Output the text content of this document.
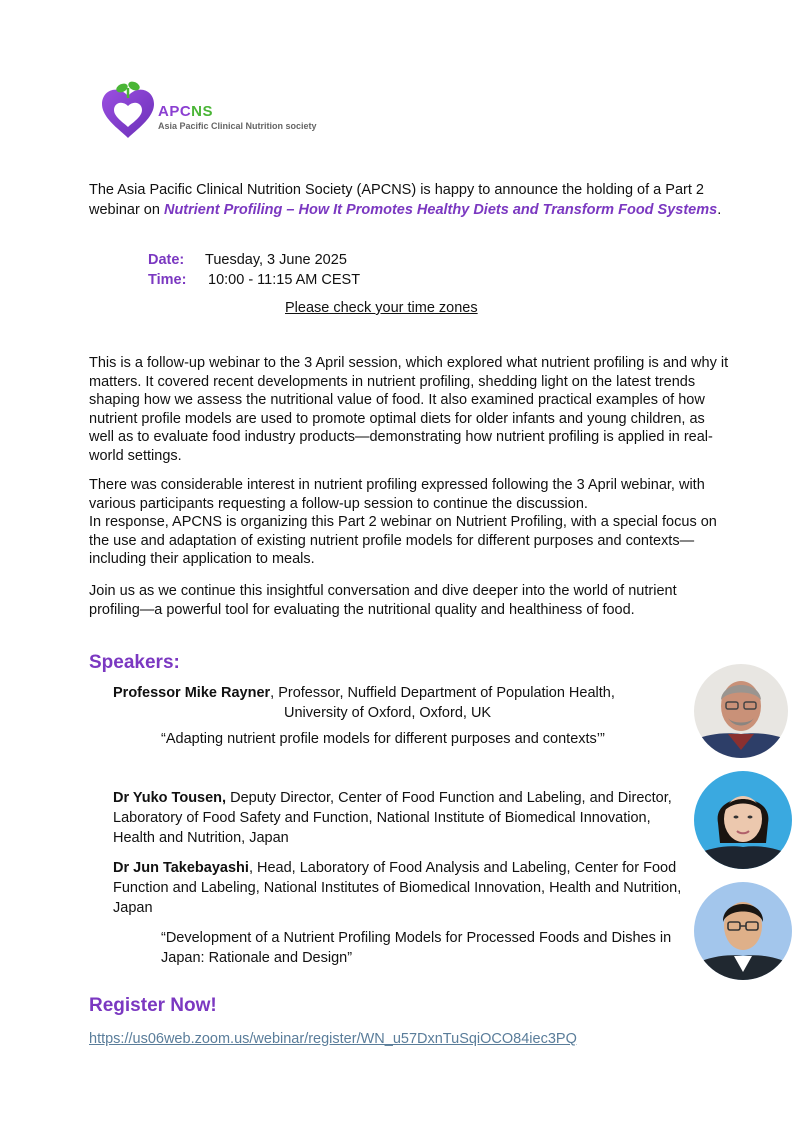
APCNS
Asia Pacific Clinical Nutrition society
The Asia Pacific Clinical Nutrition Society (APCNS) is happy to announce the holding of a Part 2 webinar on Nutrient Profiling – How It Promotes Healthy Diets and Transform Food Systems.
Date: Tuesday, 3 June 2025
Time: 10:00 - 11:15 AM CEST
Please check your time zones

This is a follow-up webinar to the 3 April session, which explored what nutrient profiling is and why it matters. It covered recent developments in nutrient profiling, shedding light on the latest trends shaping how we assess the nutritional value of food. It also examined practical examples of how nutrient profile models are used to promote optimal diets for older infants and young children, as well as to evaluate food industry products—demonstrating how nutrient profiling is applied in real-world settings.

There was considerable interest in nutrient profiling expressed following the 3 April webinar, with various participants requesting a follow-up session to continue the discussion.

In response, APCNS is organizing this Part 2 webinar on Nutrient Profiling, with a special focus on the use and adaptation of existing nutrient profile models for different purposes and contexts—including their application to meals.

Join us as we continue this insightful conversation and dive deeper into the world of nutrient profiling—a powerful tool for evaluating the nutritional quality and healthiness of food.

Speakers:
Professor Mike Rayner, Professor, Nuffield Department of Population Health,
University of Oxford, Oxford, UK
“Adapting nutrient profile models for different purposes and contexts’”
Dr Yuko Tousen, Deputy Director, Center of Food Function and Labeling, and Director, Laboratory of Food Safety and Function, National Institute of Biomedical Innovation, Health and Nutrition, Japan
Dr Jun Takebayashi, Head, Laboratory of Food Analysis and Labeling, Center for Food Function and Labeling, National Institutes of Biomedical Innovation, Health and Nutrition, Japan
“Development of a Nutrient Profiling Models for Processed Foods and Dishes in Japan: Rationale and Design”
Register Now!
https://us06web.zoom.us/webinar/register/WN_u57DxnTuSqiOCO84iec3PQ
